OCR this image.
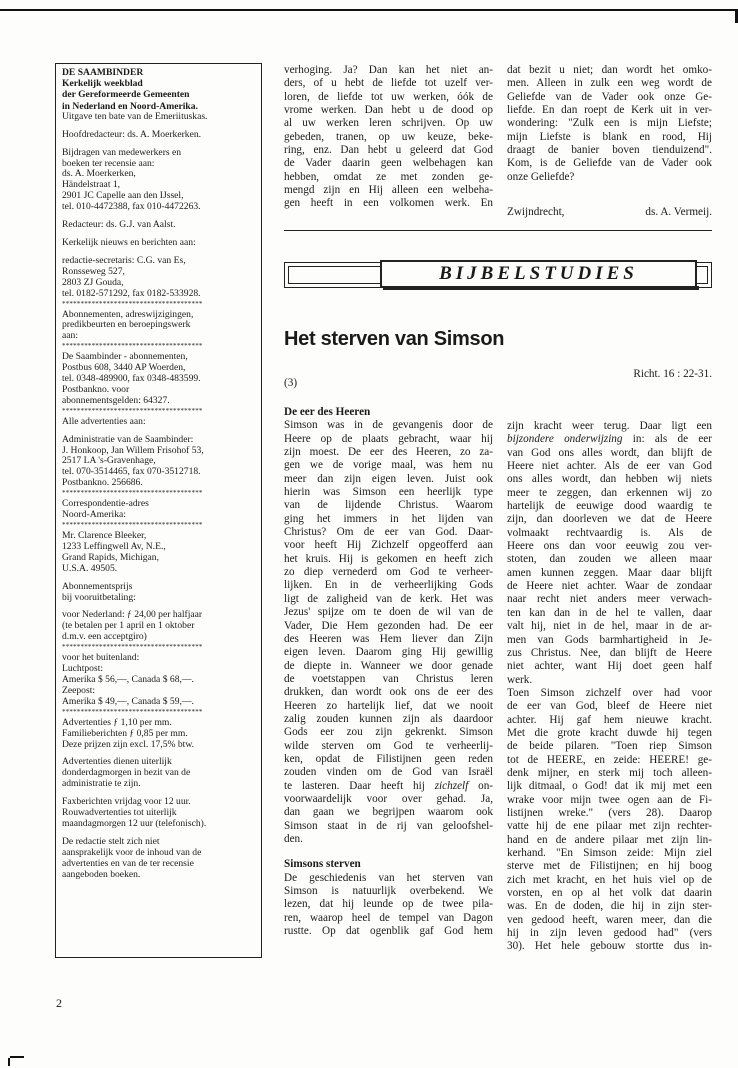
DE SAAMBINDER
Kerkelijk weekblad
der Gereformeerde Gemeenten
in Nederland en Noord-Amerika.
Uitgave ten bate van de Emeriituskas.
Hoofdredacteur: ds. A. Moerkerken.
Bijdragen van medewerkers en
boeken ter recensie aan:
ds. A. Moerkerken,
Händelstraat 1,
2901 JC Capelle aan den IJssel,
tel. 010-4472388, fax 010-4472263.
Redacteur: ds. G.J. van Aalst.
Kerkelijk nieuws en berichten aan:
redactie-secretaris: C.G. van Es,
Ronsseweg 527,
2803 ZJ Gouda,
tel. 0182-571292, fax 0182-533928.
**************************************
Abonnementen, adreswijzigingen,
predikbeurten en beroepingswerk
aan:
**************************************
De Saambinder - abonnementen,
Postbus 608, 3440 AP Woerden,
tel. 0348-489900, fax 0348-483599.
Postbankno. voor
abonnementsgelden: 64327.
**************************************
Alle advertenties aan:
Administratie van de Saambinder:
J. Honkoop, Jan Willem Frisohof 53,
2517 LA 's-Gravenhage,
tel. 070-3514465, fax 070-3512718.
Postbankno. 256686.
**************************************
Correspondentie-adres
Noord-Amerika:
**************************************
Mr. Clarence Bleeker,
1233 Leffingwell Av, N.E.,
Grand Rapids, Michigan,
U.S.A. 49505.
Abonnementsprijs
bij vooruitbetaling:
voor Nederland: ƒ 24,00 per halfjaar
(te betalen per 1 april en 1 oktober
d.m.v. een acceptgiro)
**************************************
voor het buitenland:
Luchtpost:
Amerika $ 56,—, Canada $ 68,—.
Zeepost:
Amerika $ 49,—, Canada $ 59,—.
**************************************
Advertenties ƒ 1,10 per mm.
Familieberichten ƒ 0,85 per mm.
Deze prijzen zijn excl. 17,5% btw.
Advertenties dienen uiterlijk
donderdagmorgen in bezit van de
administratie te zijn.
Faxberichten vrijdag voor 12 uur.
Rouwadvertenties tot uiterlijk
maandagmorgen 12 uur (telefonisch).
De redactie stelt zich niet
aansprakelijk voor de inhoud van de
advertenties en van de ter recensie
aangeboden boeken.
2
verhoging. Ja? Dan kan het niet an-
ders, of u hebt de liefde tot uzelf ver-
loren, de liefde tot uw werken, óók de
vrome werken. Dan hebt u de dood op
al uw werken leren schrijven. Op uw
gebeden, tranen, op uw keuze, beke-
ring, enz. Dan hebt u geleerd dat God
de Vader daarin geen welbehagen kan
hebben, omdat ze met zonden ge-
mengd zijn en Hij alleen een welbeha-
gen heeft in een volkomen werk. En
dat bezit u niet; dan wordt het omko-
men. Alleen in zulk een weg wordt de
Geliefde van de Vader ook onze Ge-
liefde. En dan roept de Kerk uit in ver-
wondering: "Zulk een is mijn Liefste;
mijn Liefste is blank en rood, Hij
draagt de banier boven tienduizend".
Kom, is de Geliefde van de Vader ook
onze Geliefde?
Zwijndrecht,	ds. A. Vermeij.
BIJBELSTUDIES
Het sterven van Simson
Richt. 16 : 22-31.
(3)
De eer des Heeren
Simson was in de gevangenis door de
Heere op de plaats gebracht, waar hij
zijn moest. De eer des Heeren, zo za-
gen we de vorige maal, was hem nu
meer dan zijn eigen leven. Juist ook
hierin was Simson een heerlijk type
van de lijdende Christus. Waarom
ging het immers in het lijden van
Christus? Om de eer van God. Daar-
voor heeft Hij Zichzelf opgeofferd aan
het kruis. Hij is gekomen en heeft zich
zo diep vernederd om God te verheer-
lijken. En in de verheerlijking Gods
ligt de zaligheid van de kerk. Het was
Jezus' spijze om te doen de wil van de
Vader, Die Hem gezonden had. De eer
des Heeren was Hem liever dan Zijn
eigen leven. Daarom ging Hij gewillig
de diepte in. Wanneer we door genade
de voetstappen van Christus leren
drukken, dan wordt ook ons de eer des
Heeren zo hartelijk lief, dat we nooit
zalig zouden kunnen zijn als daardoor
Gods eer zou zijn gekrenkt. Simson
wilde sterven om God te verheerlij-
ken, opdat de Filistijnen geen reden
zouden vinden om de God van Israël
te lasteren. Daar heeft hij zichzelf on-
voorwaardelijk voor over gehad. Ja,
dan gaan we begrijpen waarom ook
Simson staat in de rij van geloofshel-
den.
Simsons sterven
De geschiedenis van het sterven van
Simson is natuurlijk overbekend. We
lezen, dat hij leunde op de twee pila-
ren, waarop heel de tempel van Dagon
rustte. Op dat ogenblik gaf God hem
zijn kracht weer terug. Daar ligt een
bijzondere onderwijzing in: als de eer
van God ons alles wordt, dan blijft de
Heere niet achter. Als de eer van God
ons alles wordt, dan hebben wij niets
meer te zeggen, dan erkennen wij zo
hartelijk de eeuwige dood waardig te
zijn, dan doorleven we dat de Heere
volmaakt rechtvaardig is. Als de
Heere ons dan voor eeuwig zou ver-
stoten, dan zouden we alleen maar
amen kunnen zeggen. Maar daar blijft
de Heere niet achter. Waar de zondaar
naar recht niet anders meer verwach-
ten kan dan in de hel te vallen, daar
valt hij, niet in de hel, maar in de ar-
men van Gods barmhartigheid in Je-
zus Christus. Nee, dan blijft de Heere
niet achter, want Hij doet geen half
werk.
Toen Simson zichzelf over had voor
de eer van God, bleef de Heere niet
achter. Hij gaf hem nieuwe kracht.
Met die grote kracht duwde hij tegen
de beide pilaren. "Toen riep Simson
tot de HEERE, en zeide: HEERE! ge-
denk mijner, en sterk mij toch alleen-
lijk ditmaal, o God! dat ik mij met een
wrake voor mijn twee ogen aan de Fi-
listijnen wreke." (vers 28). Daarop
vatte hij de ene pilaar met zijn rechter-
hand en de andere pilaar met zijn lin-
kerhand. "En Simson zeide: Mijn ziel
sterve met de Filistijnen; en hij boog
zich met kracht, en het huis viel op de
vorsten, en op al het volk dat daarin
was. En de doden, die hij in zijn ster-
ven gedood heeft, waren meer, dan die
hij in zijn leven gedood had" (vers
30). Het hele gebouw stortte dus in-
